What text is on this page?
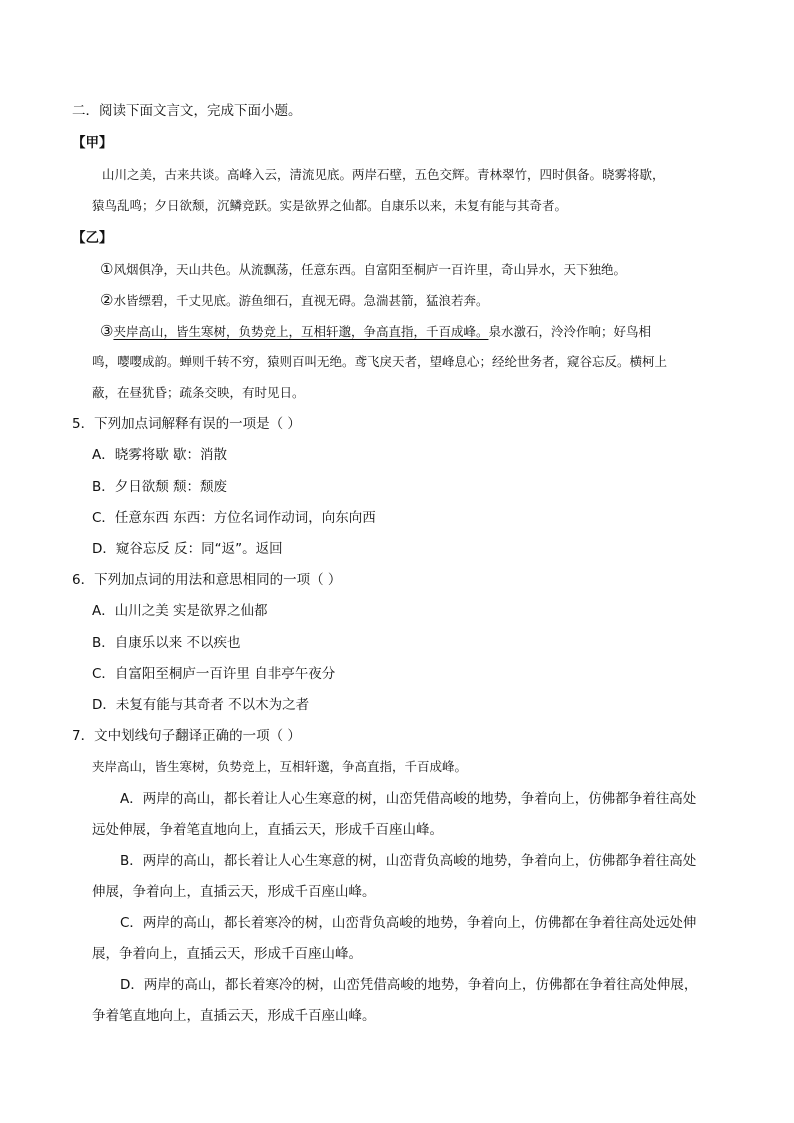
二．阅读下面文言文，完成下面小题。
【甲】
山川之美，古来共谈。高峰入云，清流见底。两岸石壁，五色交辉。青林翠竹，四时俱备。晓雾将歇，
猿鸟乱鸣；夕日欲颓，沉鳞竞跃。实是欲界之仙都。自康乐以来，未复有能与其奇者。
【乙】
①风烟俱净，天山共色。从流飘荡，任意东西。自富阳至桐庐一百许里，奇山异水，天下独绝。
②水皆缥碧，千丈见底。游鱼细石，直视无碍。急湍甚箭，猛浪若奔。
③夹岸高山，皆生寒树，负势竞上，互相轩邈，争高直指，千百成峰。泉水激石，泠泠作响；好鸟相
鸣，嘤嘤成韵。蝉则千转不穷，猿则百叫无绝。鸢飞戾天者，望峰息心；经纶世务者，窥谷忘反。横柯上
蔽，在昼犹昏；疏条交映，有时见日。
5．下列加点词解释有误的一项是（ ）
A．晓雾将歇 歇：消散
B．夕日欲颓 颓：颓废
C．任意东西 东西：方位名词作动词，向东向西
D．窥谷忘反 反：同“返”。返回
6．下列加点词的用法和意思相同的一项（ ）
A．山川之美 实是欲界之仙都
B．自康乐以来 不以疾也
C．自富阳至桐庐一百许里 自非亭午夜分
D．未复有能与其奇者 不以木为之者
7．文中划线句子翻译正确的一项（ ）
夹岸高山，皆生寒树，负势竞上，互相轩邈，争高直指，千百成峰。
A．两岸的高山，都长着让人心生寒意的树，山峦凭借高峻的地势，争着向上，仿佛都争着往高处
远处伸展，争着笔直地向上，直插云天，形成千百座山峰。
B．两岸的高山，都长着让人心生寒意的树，山峦背负高峻的地势，争着向上，仿佛都争着往高处
伸展，争着向上，直插云天，形成千百座山峰。
C．两岸的高山，都长着寒冷的树，山峦背负高峻的地势，争着向上，仿佛都在争着往高处远处伸
展，争着向上，直插云天，形成千百座山峰。
D．两岸的高山，都长着寒冷的树，山峦凭借高峻的地势，争着向上，仿佛都在争着往高处伸展，
争着笔直地向上，直插云天，形成千百座山峰。
